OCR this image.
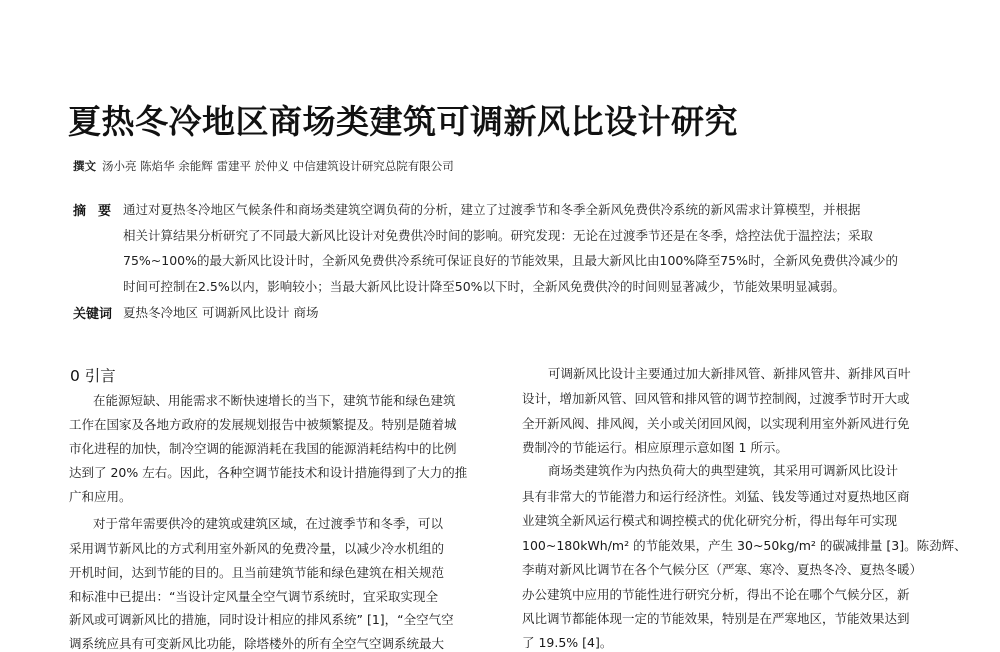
夏热冬冷地区商场类建筑可调新风比设计研究
撰文 汤小亮 陈焰华 余能辉 雷建平 於仲义 中信建筑设计研究总院有限公司
摘要 通过对夏热冬冷地区气候条件和商场类建筑空调负荷的分析，建立了过渡季节和冬季全新风免费供冷系统的新风需求计算模型，并根据
相关计算结果分析研究了不同最大新风比设计对免费供冷时间的影响。研究发现：无论在过渡季节还是在冬季，焓控法优于温控法；采取
75%~100%的最大新风比设计时，全新风免费供冷系统可保证良好的节能效果，且最大新风比由100%降至75%时，全新风免费供冷减少的
时间可控制在2.5%以内，影响较小；当最大新风比设计降至50%以下时，全新风免费供冷的时间则显著减少，节能效果明显减弱。
关键词 夏热冬冷地区 可调新风比设计 商场
0 引言
在能源短缺、用能需求不断快速增长的当下，建筑节能和绿色建筑
工作在国家及各地方政府的发展规划报告中被频繁提及。特别是随着城
市化进程的加快，制冷空调的能源消耗在我国的能源消耗结构中的比例
达到了 20% 左右。因此，各种空调节能技术和设计措施得到了大力的推
广和应用。
对于常年需要供冷的建筑或建筑区域，在过渡季节和冬季，可以
采用调节新风比的方式利用室外新风的免费冷量，以减少冷水机组的
开机时间，达到节能的目的。且当前建筑节能和绿色建筑在相关规范
和标准中已提出：“当设计定风量全空气调节系统时，宜采取实现全
新风或可调新风比的措施，同时设计相应的排风系统” [1]，“全空气空
调系统应具有可变新风比功能，除塔楼外的所有全空气空调系统最大
可调新风比设计主要通过加大新排风管、新排风管井、新排风百叶
设计，增加新风管、回风管和排风管的调节控制阀，过渡季节时开大或
全开新风阀、排风阀，关小或关闭回风阀，以实现利用室外新风进行免
费制冷的节能运行。相应原理示意如图 1 所示。
商场类建筑作为内热负荷大的典型建筑，其采用可调新风比设计
具有非常大的节能潜力和运行经济性。刘猛、钱发等通过对夏热地区商
业建筑全新风运行模式和调控模式的优化研究分析，得出每年可实现
100~180kWh/m² 的节能效果，产生 30~50kg/m² 的碳减排量 [3]。陈劲辉、
李萌对新风比调节在各个气候分区（严寒、寒冷、夏热冬冷、夏热冬暖）
办公建筑中应用的节能性进行研究分析，得出不论在哪个气候分区，新
风比调节都能体现一定的节能效果，特别是在严寒地区，节能效果达到
了 19.5% [4]。
